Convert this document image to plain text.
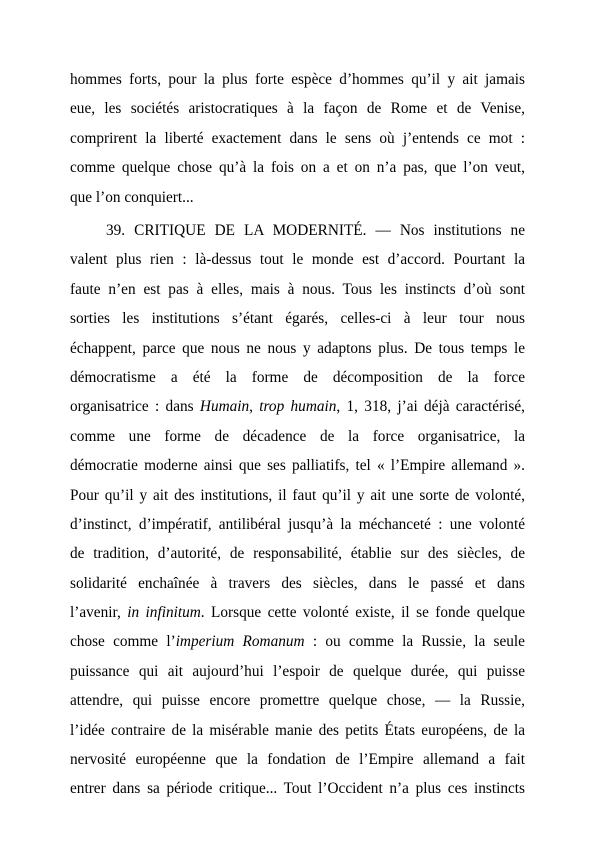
hommes forts, pour la plus forte espèce d’hommes qu’il y ait jamais
eue, les sociétés aristocratiques à la façon de Rome et de Venise,
comprirent la liberté exactement dans le sens où j’entends ce mot :
comme quelque chose qu’à la fois on a et on n’a pas, que l’on veut,
que l’on conquiert...
39. CRITIQUE DE LA MODERNITÉ. — Nos institutions ne
valent plus rien : là-dessus tout le monde est d’accord. Pourtant la
faute n’en est pas à elles, mais à nous. Tous les instincts d’où sont
sorties les institutions s’étant égarés, celles-ci à leur tour nous
échappent, parce que nous ne nous y adaptons plus. De tous temps le
démocratisme a été la forme de décomposition de la force
organisatrice : dans Humain, trop humain, 1, 318, j’ai déjà caractérisé,
comme une forme de décadence de la force organisatrice, la
démocratie moderne ainsi que ses palliatifs, tel « l’Empire allemand ».
Pour qu’il y ait des institutions, il faut qu’il y ait une sorte de volonté,
d’instinct, d’impératif, antilibéral jusqu’à la méchanceté : une volonté
de tradition, d’autorité, de responsabilité, établie sur des siècles, de
solidarité enchaînée à travers des siècles, dans le passé et dans
l’avenir, in infinitum. Lorsque cette volonté existe, il se fonde quelque
chose comme l’imperium Romanum : ou comme la Russie, la seule
puissance qui ait aujourd’hui l’espoir de quelque durée, qui puisse
attendre, qui puisse encore promettre quelque chose, — la Russie,
l’idée contraire de la misérable manie des petits États européens, de la
nervosité européenne que la fondation de l’Empire allemand a fait
entrer dans sa période critique... Tout l’Occident n’a plus ces instincts
